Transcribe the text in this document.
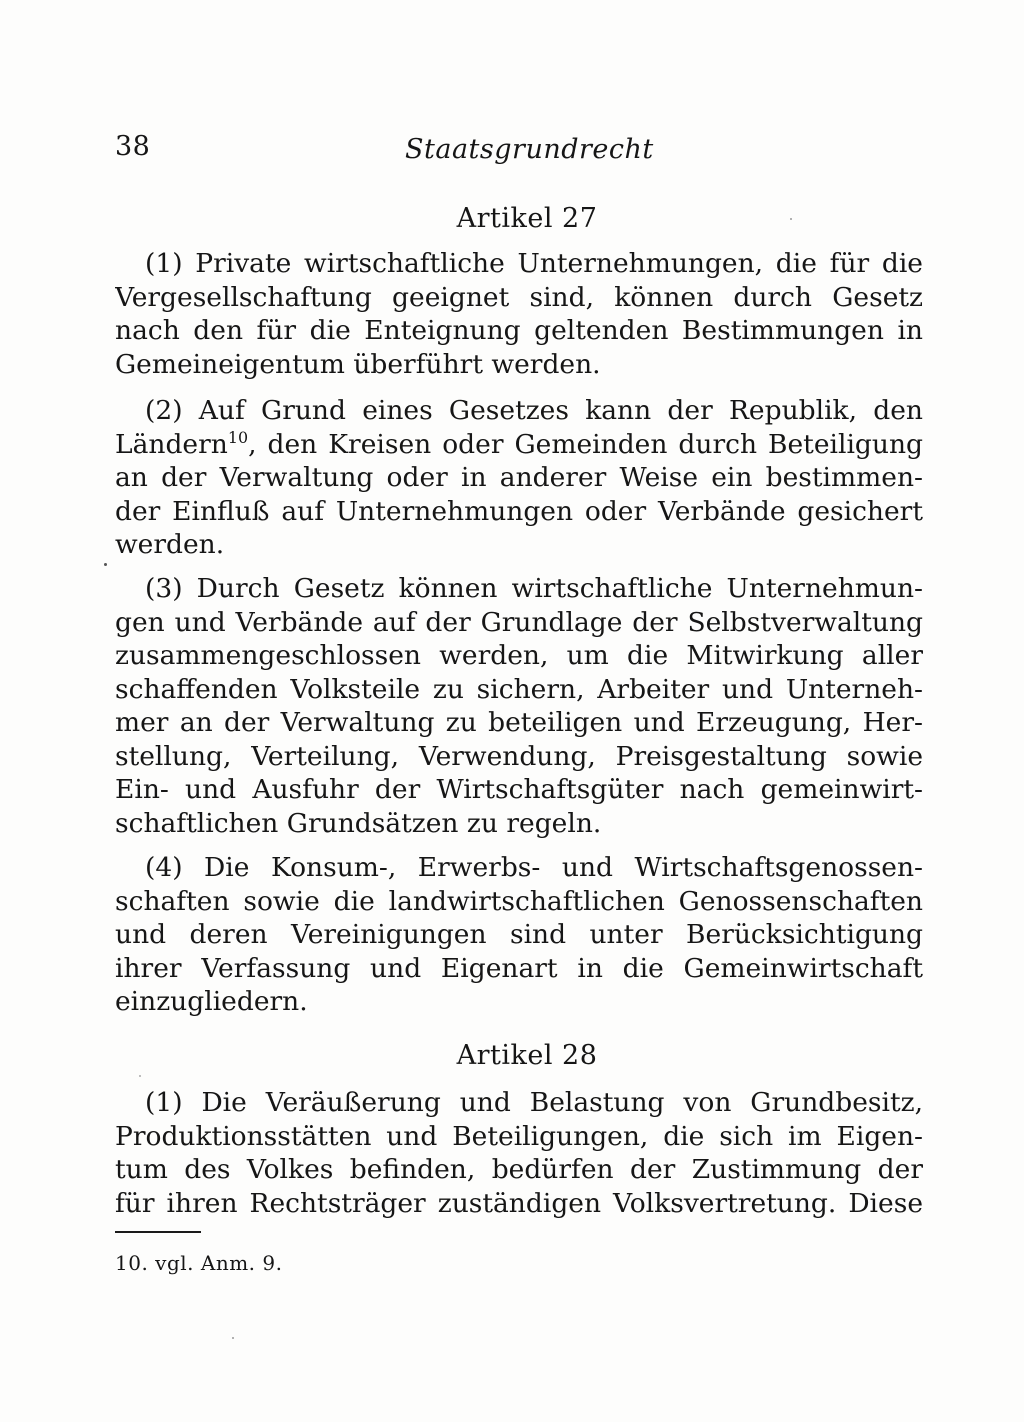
38	Staatsgrundrecht
Artikel 27
(1) Private wirtschaftliche Unternehmungen, die für die
Vergesellschaftung geeignet sind, können durch Gesetz
nach den für die Enteignung geltenden Bestimmungen in
Gemeineigentum überführt werden.
(2) Auf Grund eines Gesetzes kann der Republik, den
Ländern$^{10}$, den Kreisen oder Gemeinden durch Beteiligung
an der Verwaltung oder in anderer Weise ein bestimmen-
der Einfluß auf Unternehmungen oder Verbände gesichert
werden.
(3) Durch Gesetz können wirtschaftliche Unternehmun-
gen und Verbände auf der Grundlage der Selbstverwaltung
zusammengeschlossen werden, um die Mitwirkung aller
schaffenden Volksteile zu sichern, Arbeiter und Unterneh-
mer an der Verwaltung zu beteiligen und Erzeugung, Her-
stellung, Verteilung, Verwendung, Preisgestaltung sowie
Ein- und Ausfuhr der Wirtschaftsgüter nach gemeinwirt-
schaftlichen Grundsätzen zu regeln.
(4) Die Konsum-, Erwerbs- und Wirtschaftsgenossen-
schaften sowie die landwirtschaftlichen Genossenschaften
und deren Vereinigungen sind unter Berücksichtigung
ihrer Verfassung und Eigenart in die Gemeinwirtschaft
einzugliedern.
Artikel 28
(1) Die Veräußerung und Belastung von Grundbesitz,
Produktionsstätten und Beteiligungen, die sich im Eigen-
tum des Volkes befinden, bedürfen der Zustimmung der
für ihren Rechtsträger zuständigen Volksvertretung. Diese
10. vgl. Anm. 9.
